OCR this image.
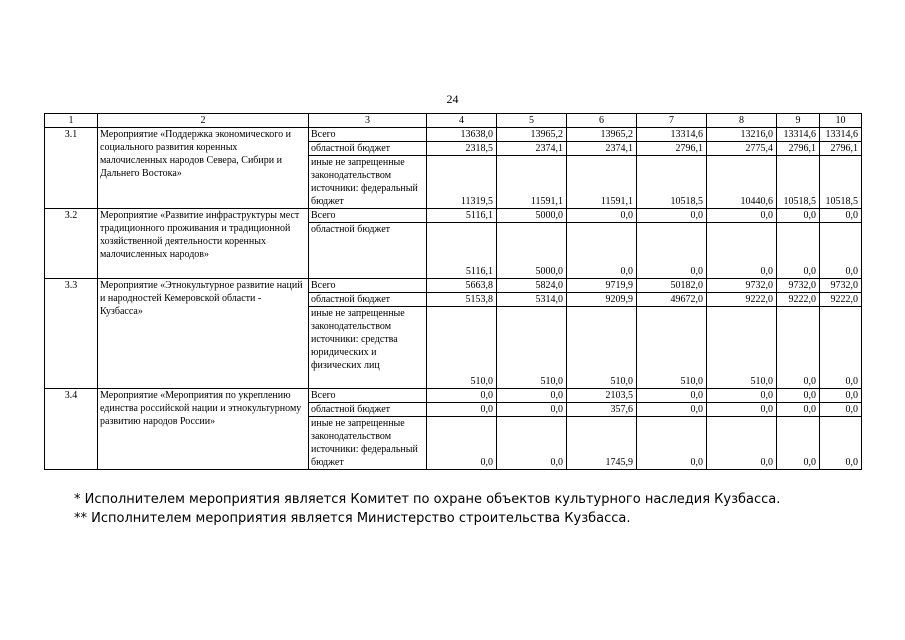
24
1	2	3	4	5	6	7	8	9	10
3.1	Мероприятие «Поддержка экономического и социального развития коренных малочисленных народов Севера, Сибири и Дальнего Востока»	Всего	13638,0	13965,2	13965,2	13314,6	13216,0	13314,6	13314,6
		областной бюджет	2318,5	2374,1	2374,1	2796,1	2775,4	2796,1	2796,1
		иные не запрещенные законодательством источники: федеральный бюджет	11319,5	11591,1	11591,1	10518,5	10440,6	10518,5	10518,5
3.2	Мероприятие «Развитие инфраструктуры мест традиционного проживания и традиционной хозяйственной деятельности коренных малочисленных народов»	Всего	5116,1	5000,0	0,0	0,0	0,0	0,0	0,0
		областной бюджет	5116,1	5000,0	0,0	0,0	0,0	0,0	0,0
3.3	Мероприятие «Этнокультурное развитие наций и народностей Кемеровской области - Кузбасса»	Всего	5663,8	5824,0	9719,9	50182,0	9732,0	9732,0	9732,0
		областной бюджет	5153,8	5314,0	9209,9	49672,0	9222,0	9222,0	9222,0
		иные не запрещенные законодательством источники: средства юридических и физических лиц	510,0	510,0	510,0	510,0	510,0	0,0	0,0
3.4	Мероприятие «Мероприятия по укреплению единства российской нации и этнокультурному развитию народов России»	Всего	0,0	0,0	2103,5	0,0	0,0	0,0	0,0
		областной бюджет	0,0	0,0	357,6	0,0	0,0	0,0	0,0
		иные не запрещенные законодательством источники: федеральный бюджет	0,0	0,0	1745,9	0,0	0,0	0,0	0,0
* Исполнителем мероприятия является Комитет по охране объектов культурного наследия Кузбасса.
** Исполнителем мероприятия является Министерство строительства Кузбасса.
